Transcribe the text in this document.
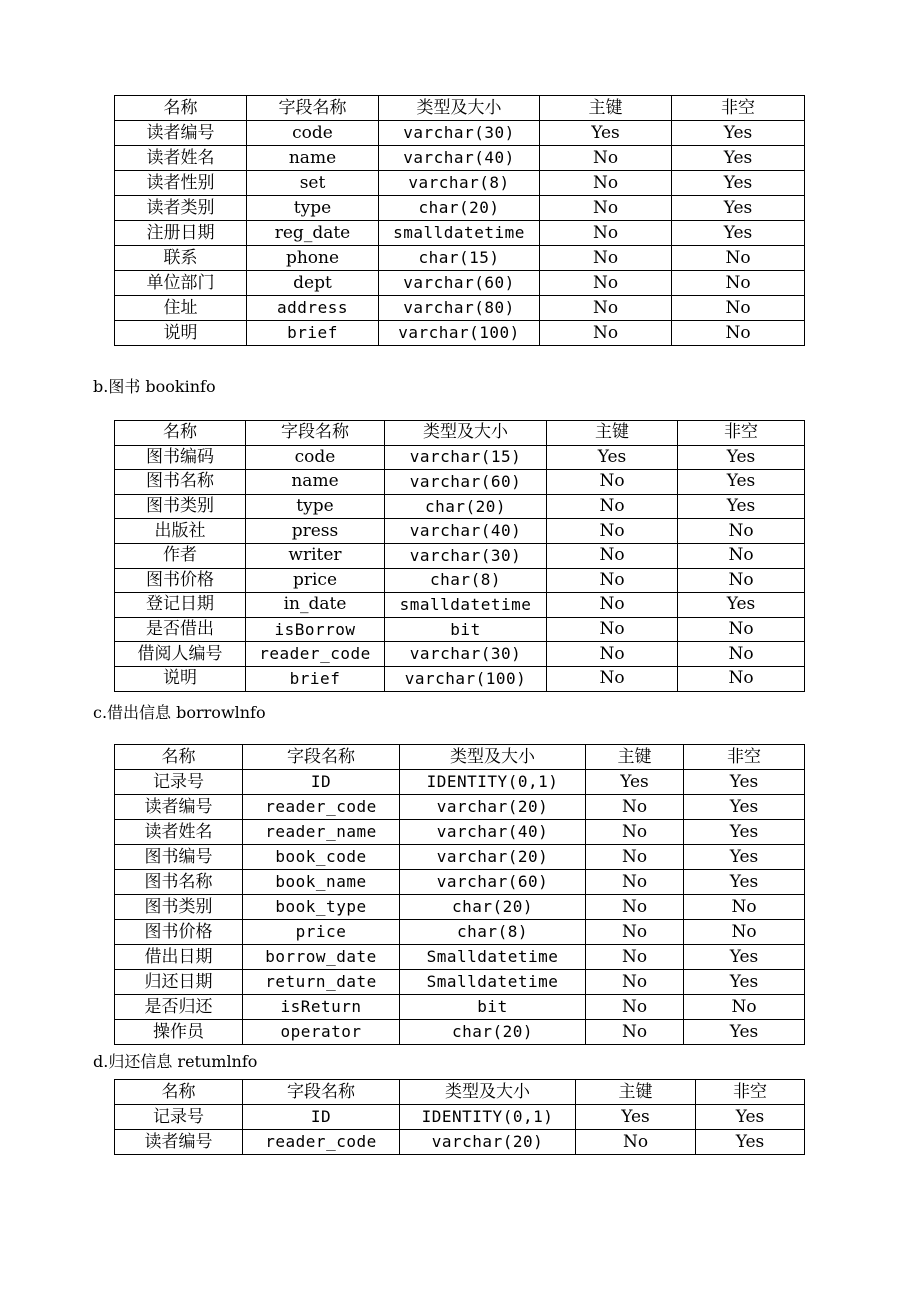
名称	字段名称	类型及大小	主键	非空
读者编号	code	varchar(30)	Yes	Yes
读者姓名	name	varchar(40)	No	Yes
读者性别	set	varchar(8)	No	Yes
读者类别	type	char(20)	No	Yes
注册日期	reg_date	smalldatetime	No	Yes
联系	phone	char(15)	No	No
单位部门	dept	varchar(60)	No	No
住址	address	varchar(80)	No	No
说明	brief	varchar(100)	No	No
b.图书 bookinfo
名称	字段名称	类型及大小	主键	非空
图书编码	code	varchar(15)	Yes	Yes
图书名称	name	varchar(60)	No	Yes
图书类别	type	char(20)	No	Yes
出版社	press	varchar(40)	No	No
作者	writer	varchar(30)	No	No
图书价格	price	char(8)	No	No
登记日期	in_date	smalldatetime	No	Yes
是否借出	isBorrow	bit	No	No
借阅人编号	reader_code	varchar(30)	No	No
说明	brief	varchar(100)	No	No
c.借出信息 borrowlnfo
名称	字段名称	类型及大小	主键	非空
记录号	ID	IDENTITY(0,1)	Yes	Yes
读者编号	reader_code	varchar(20)	No	Yes
读者姓名	reader_name	varchar(40)	No	Yes
图书编号	book_code	varchar(20)	No	Yes
图书名称	book_name	varchar(60)	No	Yes
图书类别	book_type	char(20)	No	No
图书价格	price	char(8)	No	No
借出日期	borrow_date	Smalldatetime	No	Yes
归还日期	return_date	Smalldatetime	No	Yes
是否归还	isReturn	bit	No	No
操作员	operator	char(20)	No	Yes
d.归还信息 retumlnfo
名称	字段名称	类型及大小	主键	非空
记录号	ID	IDENTITY(0,1)	Yes	Yes
读者编号	reader_code	varchar(20)	No	Yes
